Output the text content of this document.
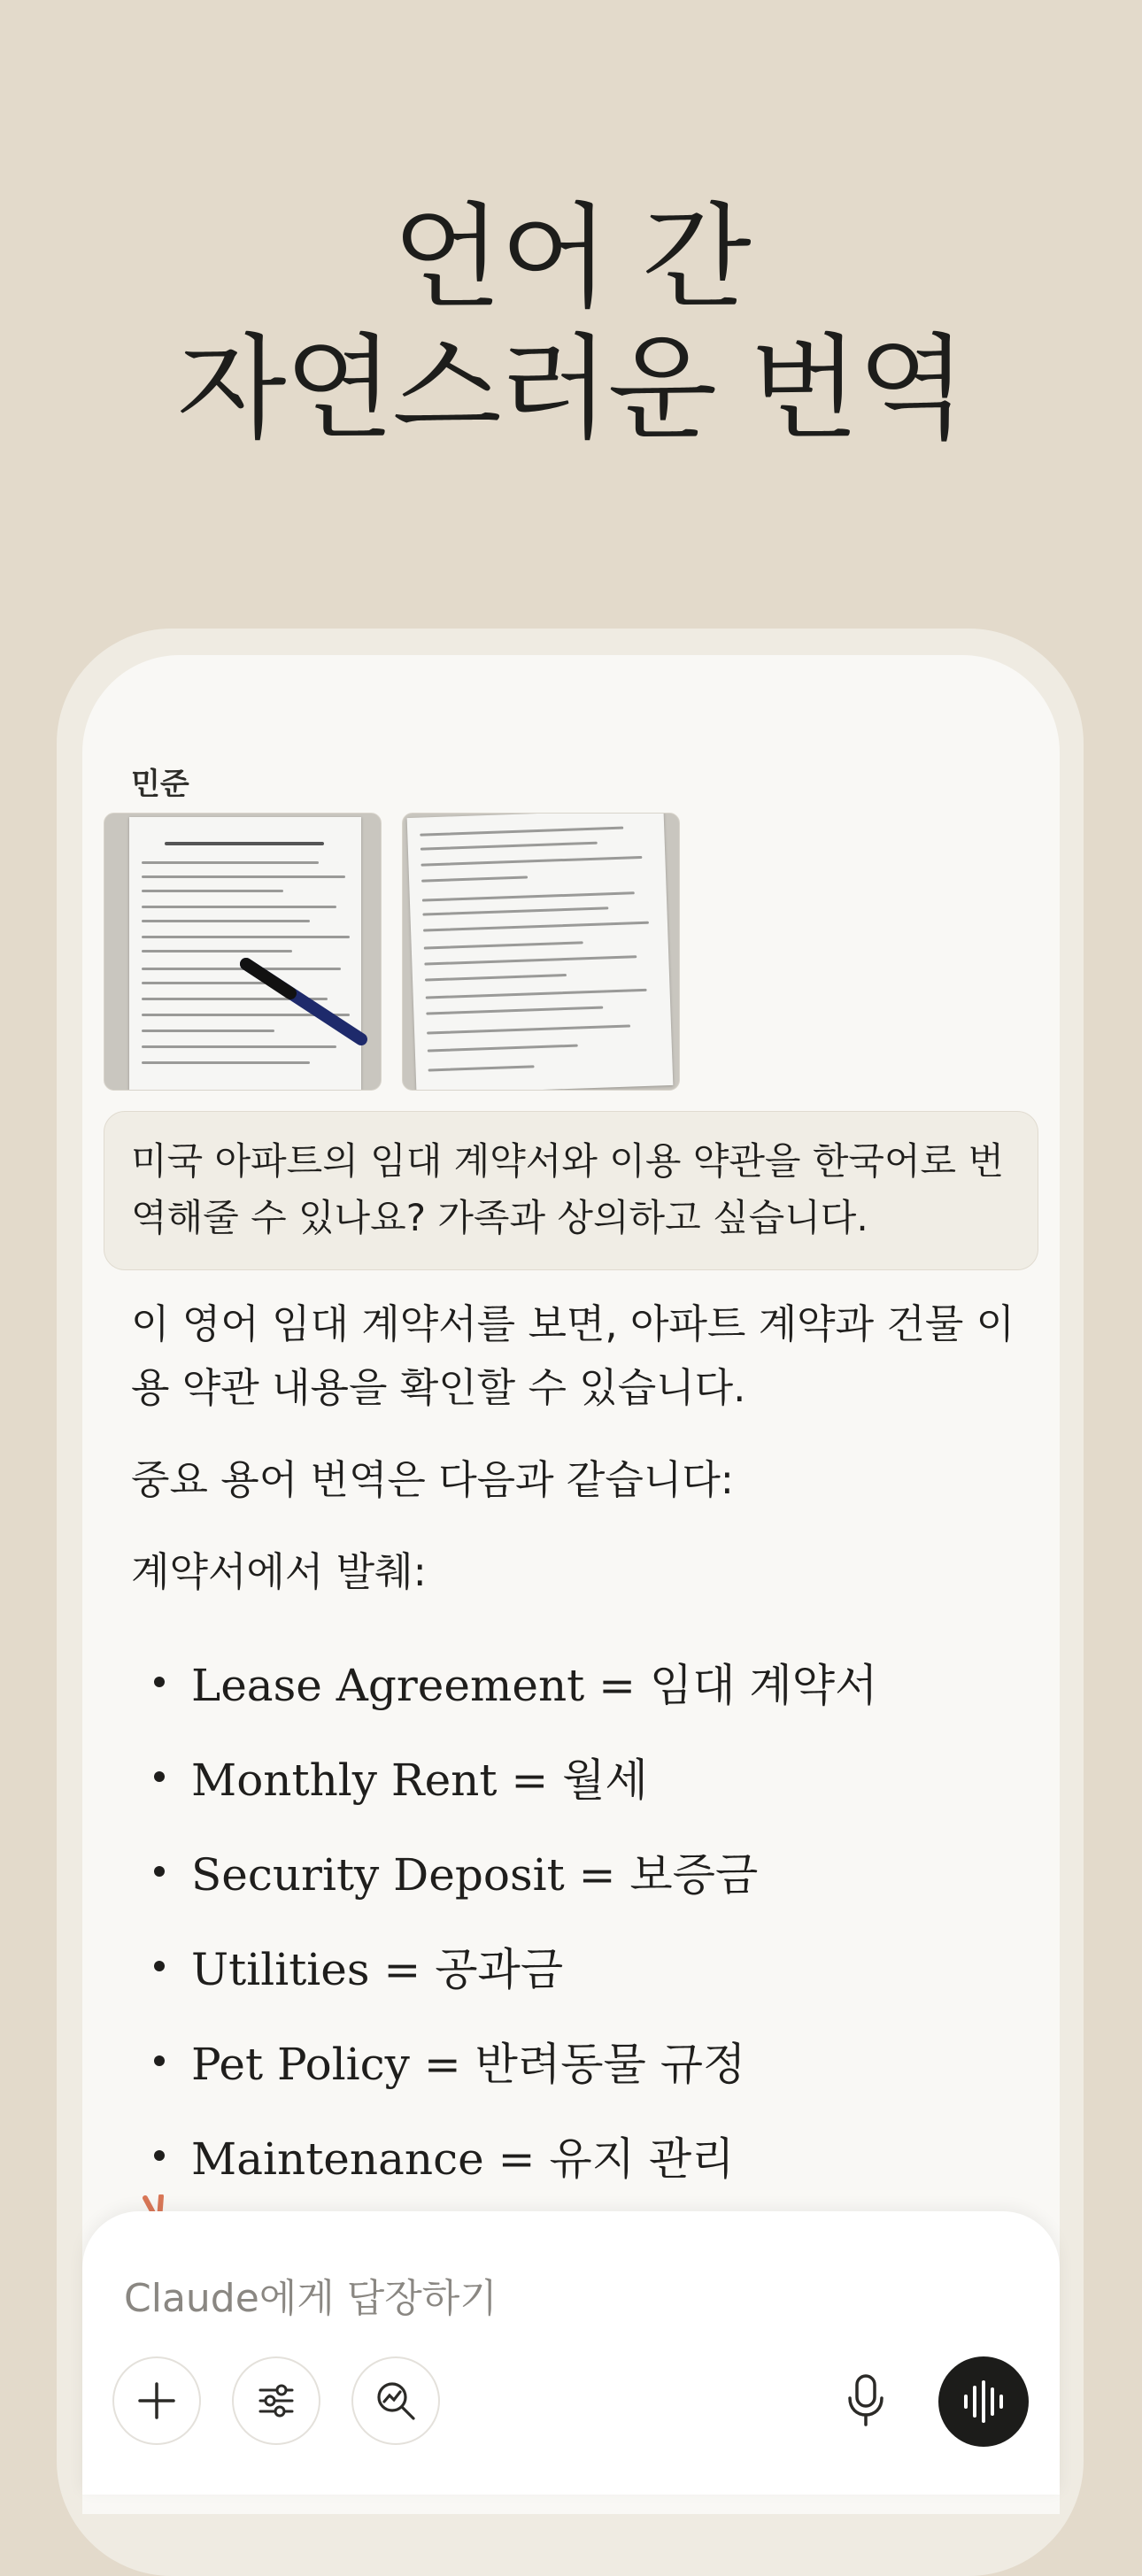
언어 간
자연스러운 번역
민준
미국 아파트의 임대 계약서와 이용 약관을 한국어로 번역해줄 수 있나요? 가족과 상의하고 싶습니다.
이 영어 임대 계약서를 보면, 아파트 계약과 건물 이용 약관 내용을 확인할 수 있습니다.
중요 용어 번역은 다음과 같습니다:
계약서에서 발췌:
Lease Agreement = 임대 계약서
Monthly Rent = 월세
Security Deposit = 보증금
Utilities = 공과금
Pet Policy = 반려동물 규정
Maintenance = 유지 관리
Claude에게 답장하기
